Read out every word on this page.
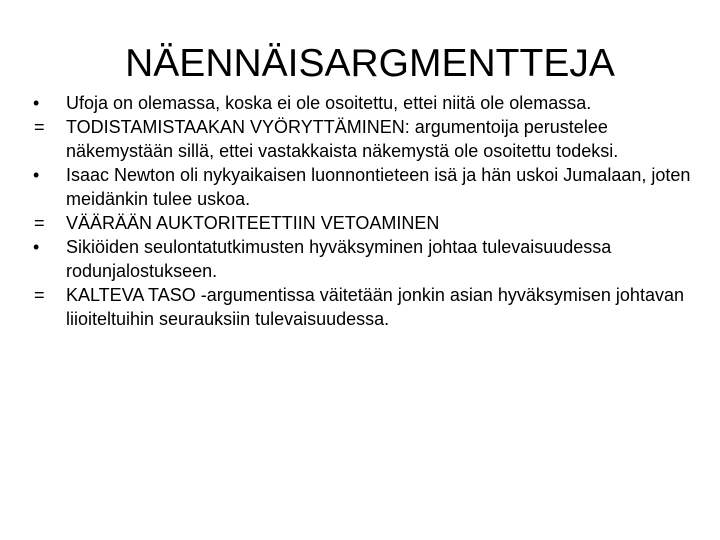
NÄENNÄISARGMENTTEJA
• Ufoja on olemassa, koska ei ole osoitettu, ettei niitä ole olemassa.
= TODISTAMISTAAKAN VYÖRYTTÄMINEN: argumentoija perustelee näkemystään sillä, ettei vastakkaista näkemystä ole osoitettu todeksi.
• Isaac Newton oli nykyaikaisen luonnontieteen isä ja hän uskoi Jumalaan, joten meidänkin tulee uskoa.
= VÄÄRÄÄN AUKTORITEETTIIN VETOAMINEN
• Sikiöiden seulontatutkimusten hyväksyminen johtaa tulevaisuudessa rodunjalostukseen.
= KALTEVA TASO -argumentissa väitetään jonkin asian hyväksymisen johtavan liioiteltuihin seurauksiin tulevaisuudessa.
